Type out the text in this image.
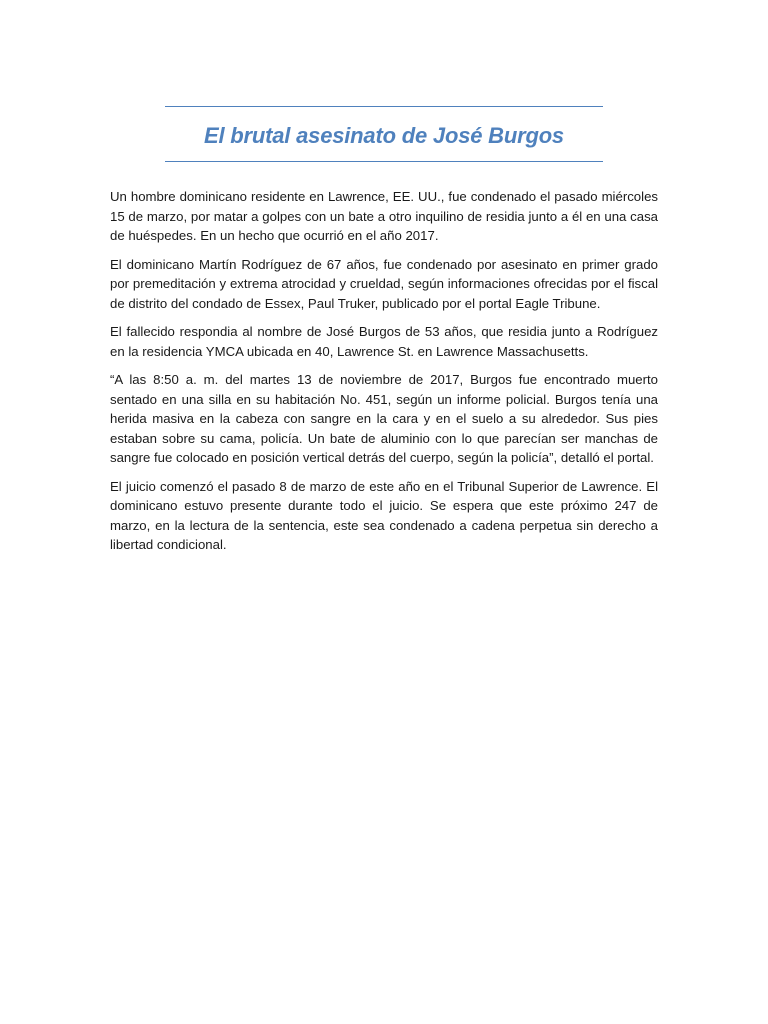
El brutal asesinato de José Burgos

Un hombre dominicano residente en Lawrence, EE. UU., fue condenado el pasado miércoles 15 de marzo, por matar a golpes con un bate a otro inquilino de residia junto a él en una casa de huéspedes. En un hecho que ocurrió en el año 2017.

El dominicano Martín Rodríguez de 67 años, fue condenado por asesinato en primer grado por premeditación y extrema atrocidad y crueldad, según informaciones ofrecidas por el fiscal de distrito del condado de Essex, Paul Truker, publicado por el portal Eagle Tribune.

El fallecido respondia al nombre de José Burgos de 53 años, que residia junto a Rodríguez en la residencia YMCA ubicada en 40, Lawrence St. en Lawrence Massachusetts.

“A las 8:50 a. m. del martes 13 de noviembre de 2017, Burgos fue encontrado muerto sentado en una silla en su habitación No. 451, según un informe policial. Burgos tenía una herida masiva en la cabeza con sangre en la cara y en el suelo a su alrededor. Sus pies estaban sobre su cama, policía. Un bate de aluminio con lo que parecían ser manchas de sangre fue colocado en posición vertical detrás del cuerpo, según la policía”, detalló el portal.

El juicio comenzó el pasado 8 de marzo de este año en el Tribunal Superior de Lawrence. El dominicano estuvo presente durante todo el juicio. Se espera que este próximo 247 de marzo, en la lectura de la sentencia, este sea condenado a cadena perpetua sin derecho a libertad condicional.
